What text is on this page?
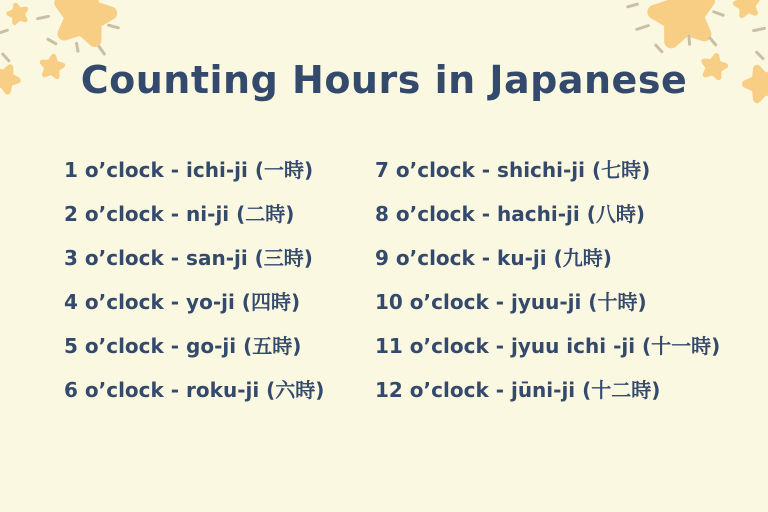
Counting Hours in Japanese
1 o’clock - ichi-ji (一時)
2 o’clock - ni-ji (二時)
3 o’clock - san-ji (三時)
4 o’clock - yo-ji (四時)
5 o’clock - go-ji (五時)
6 o’clock - roku-ji (六時)
7 o’clock - shichi-ji (七時)
8 o’clock - hachi-ji (八時)
9 o’clock - ku-ji (九時)
10 o’clock - jyuu-ji (十時)
11 o’clock - jyuu ichi -ji (十一時)
12 o’clock - jūni-ji (十二時)
